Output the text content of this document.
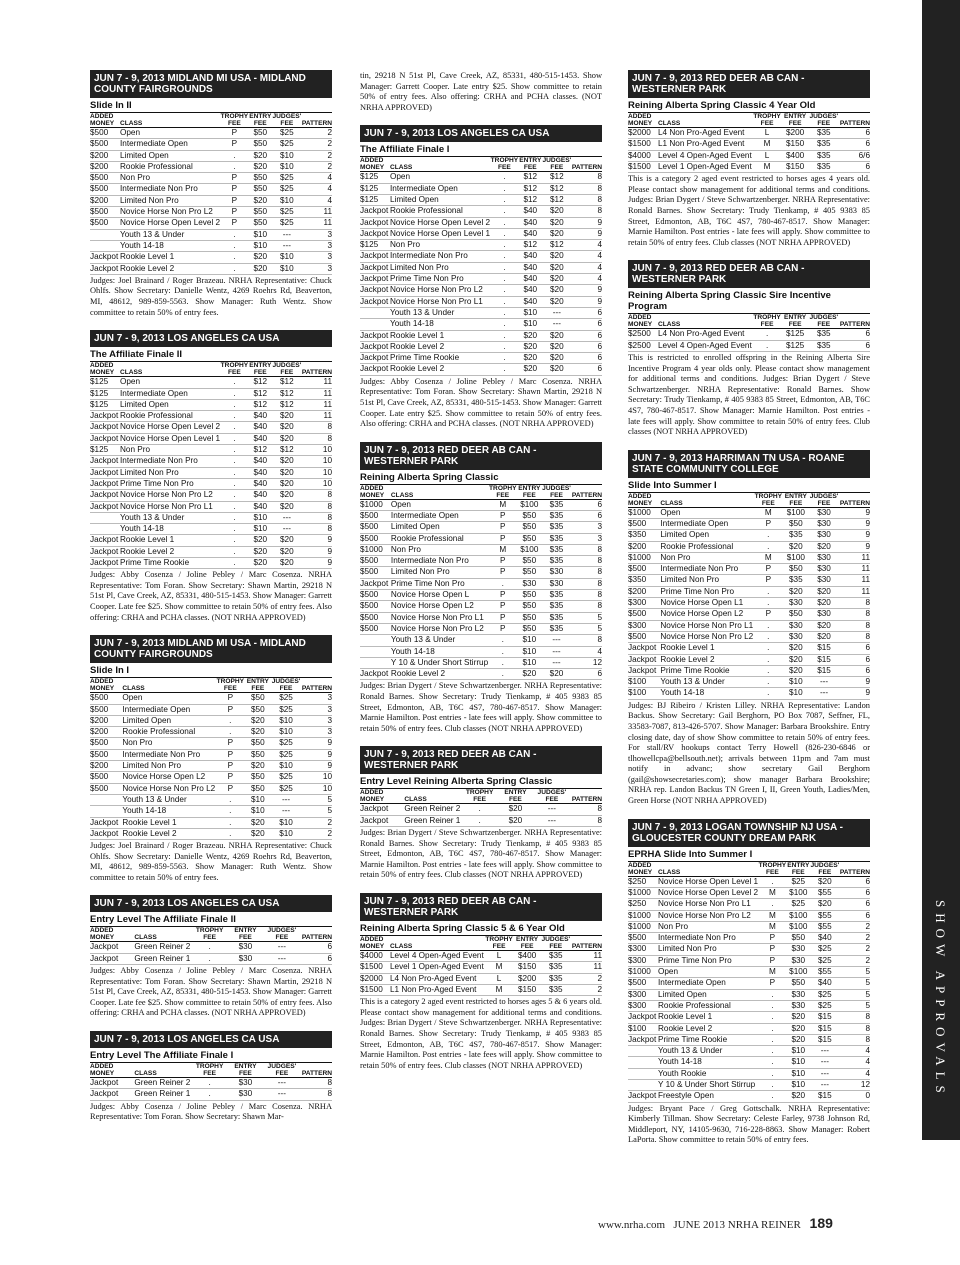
JUN 7 - 9, 2013 MIDLAND MI USA - MIDLAND COUNTY FAIRGROUNDS
Slide In II
ADDED MONEY	CLASS	TROPHY FEE	ENTRY FEE	JUDGES' FEE	PATTERN
$500	Open	P	$50	$25	2
$500	Intermediate Open	P	$50	$25	2
$200	Limited Open	.	$20	$10	2
$200	Rookie Professional	.	$20	$10	2
$500	Non Pro	P	$50	$25	4
$500	Intermediate Non Pro	P	$50	$25	4
$200	Limited Non Pro	P	$20	$10	4
$500	Novice Horse Non Pro L2	P	$50	$25	11
$500	Novice Horse Open Level 2	P	$50	$25	11
	Youth 13 & Under	.	$10	---	3
	Youth 14-18	.	$10	---	3
Jackpot	Rookie Level 1	.	$20	$10	3
Jackpot	Rookie Level 2	.	$20	$10	3
Judges: Joel Brainard / Roger Brazeau. NRHA Representative: Chuck Ohlfs. Show Secretary: Danielle Wentz, 4269 Roehrs Rd, Beaverton, MI, 48612, 989-859-5563. Show Manager: Ruth Wentz. Show committee to retain 50% of entry fees.
JUN 7 - 9, 2013 LOS ANGELES CA USA
The Affiliate Finale II
ADDED MONEY	CLASS	TROPHY FEE	ENTRY FEE	JUDGES' FEE	PATTERN
$125	Open	.	$12	$12	11
$125	Intermediate Open	.	$12	$12	11
$125	Limited Open	.	$12	$12	11
Jackpot	Rookie Professional	.	$40	$20	11
Jackpot	Novice Horse Open Level 2	.	$40	$20	8
Jackpot	Novice Horse Open Level 1	.	$40	$20	8
$125	Non Pro	.	$12	$12	10
Jackpot	Intermediate Non Pro	.	$40	$20	10
Jackpot	Limited Non Pro	.	$40	$20	10
Jackpot	Prime Time Non Pro	.	$40	$20	10
Jackpot	Novice Horse Non Pro L2	.	$40	$20	8
Jackpot	Novice Horse Non Pro L1	.	$40	$20	8
	Youth 13 & Under	.	$10	---	8
	Youth 14-18	.	$10	---	8
Jackpot	Rookie Level 1	.	$20	$20	9
Jackpot	Rookie Level 2	.	$20	$20	9
Jackpot	Prime Time Rookie	.	$20	$20	9
Judges: Abby Cosenza / Joline Pebley / Marc Cosenza. NRHA Representative: Tom Foran. Show Secretary: Shawn Martin, 29218 N 51st Pl, Cave Creek, AZ, 85331, 480-515-1453. Show Manager: Garrett Cooper. Late fee $25. Show committee to retain 50% of entry fees. Also offering: CRHA and PCHA classes. (NOT NRHA APPROVED)
JUN 7 - 9, 2013 MIDLAND MI USA - MIDLAND COUNTY FAIRGROUNDS
Slide In I
ADDED MONEY	CLASS	TROPHY FEE	ENTRY FEE	JUDGES' FEE	PATTERN
$500	Open	P	$50	$25	3
$500	Intermediate Open	P	$50	$25	3
$200	Limited Open	.	$20	$10	3
$200	Rookie Professional	.	$20	$10	3
$500	Non Pro	P	$50	$25	9
$500	Intermediate Non Pro	P	$50	$25	9
$200	Limited Non Pro	P	$20	$10	9
$500	Novice Horse Open L2	P	$50	$25	10
$500	Novice Horse Non Pro L2	P	$50	$25	10
	Youth 13 & Under	.	$10	---	5
	Youth 14-18	.	$10	---	5
Jackpot	Rookie Level 1	.	$20	$10	2
Jackpot	Rookie Level 2	.	$20	$10	2
Judges: Joel Brainard / Roger Brazeau. NRHA Representative: Chuck Ohlfs. Show Secretary: Danielle Wentz, 4269 Roehrs Rd, Beaverton, MI, 48612, 989-859-5563. Show Manager: Ruth Wentz. Show committee to retain 50% of entry fees.
JUN 7 - 9, 2013 LOS ANGELES CA USA
Entry Level The Affiliate Finale II
ADDED MONEY	CLASS	TROPHY FEE	ENTRY FEE	JUDGES' FEE	PATTERN
Jackpot	Green Reiner 2	.	$30	---	6
Jackpot	Green Reiner 1	.	$30	---	6
Judges: Abby Cosenza / Joline Pebley / Marc Cosenza. NRHA Representative: Tom Foran. Show Secretary: Shawn Martin, 29218 N 51st Pl, Cave Creek, AZ, 85331, 480-515-1453. Show Manager: Garrett Cooper. Late fee $25. Show committee to retain 50% of entry fees. Also offering: CRHA and PCHA classes. (NOT NRHA APPROVED)
JUN 7 - 9, 2013 LOS ANGELES CA USA
Entry Level The Affiliate Finale I
ADDED MONEY	CLASS	TROPHY FEE	ENTRY FEE	JUDGES' FEE	PATTERN
Jackpot	Green Reiner 2	.	$30	---	8
Jackpot	Green Reiner 1	.	$30	---	8
Judges: Abby Cosenza / Joline Pebley / Marc Cosenza. NRHA Representative: Tom Foran. Show Secretary: Shawn Mar-
tin, 29218 N 51st Pl, Cave Creek, AZ, 85331, 480-515-1453. Show Manager: Garrett Cooper. Late entry $25. Show committee to retain 50% of entry fees. Also offering: CRHA and PCHA classes. (NOT NRHA APPROVED)
JUN 7 - 9, 2013 LOS ANGELES CA USA
The Affiliate Finale I
ADDED MONEY	CLASS	TROPHY FEE	ENTRY FEE	JUDGES' FEE	PATTERN
$125	Open	.	$12	$12	8
$125	Intermediate Open	.	$12	$12	8
$125	Limited Open	.	$12	$12	8
Jackpot	Rookie Professional	.	$40	$20	8
Jackpot	Novice Horse Open Level 2	.	$40	$20	9
Jackpot	Novice Horse Open Level 1	.	$40	$20	9
$125	Non Pro	.	$12	$12	4
Jackpot	Intermediate Non Pro	.	$40	$20	4
Jackpot	Limited Non Pro	.	$40	$20	4
Jackpot	Prime Time Non Pro	.	$40	$20	4
Jackpot	Novice Horse Non Pro L2	.	$40	$20	9
Jackpot	Novice Horse Non Pro L1	.	$40	$20	9
	Youth 13 & Under	.	$10	---	6
	Youth 14-18	.	$10	---	6
Jackpot	Rookie Level 1	.	$20	$20	6
Jackpot	Rookie Level 2	.	$20	$20	6
Jackpot	Prime Time Rookie	.	$20	$20	6
Jackpot	Rookie Level 2	.	$20	$20	6
Judges: Abby Cosenza / Joline Pebley / Marc Cosenza. NRHA Representative: Tom Foran. Show Secretary: Shawn Martin, 29218 N 51st Pl, Cave Creek, AZ, 85331, 480-515-1453. Show Manager: Garrett Cooper. Late entry $25. Show committee to retain 50% of entry fees. Also offering: CRHA and PCHA classes. (NOT NRHA APPROVED)
JUN 7 - 9, 2013 RED DEER AB CAN - WESTERNER PARK
Reining Alberta Spring Classic
ADDED MONEY	CLASS	TROPHY FEE	ENTRY FEE	JUDGES' FEE	PATTERN
$1000	Open	M	$100	$35	6
$500	Intermediate Open	P	$50	$35	6
$500	Limited Open	P	$50	$35	3
$500	Rookie Professional	P	$50	$35	3
$1000	Non Pro	M	$100	$35	8
$500	Intermediate Non Pro	P	$50	$35	8
$500	Limited Non Pro	P	$50	$30	8
Jackpot	Prime Time Non Pro	.	$30	$30	8
$500	Novice Horse Open L	P	$50	$35	8
$500	Novice Horse Open L2	P	$50	$35	8
$500	Novice Horse Non Pro L1	P	$50	$35	5
$500	Novice Horse Non Pro L2	P	$50	$35	5
	Youth 13 & Under	.	$10	---	8
	Youth 14-18	.	$10	---	4
	Y 10 & Under Short Stirrup	.	$10	---	12
Jackpot	Rookie Level 2	.	$20	$20	6
Judges: Brian Dygert / Steve Schwartzenberger. NRHA Representative: Ronald Barnes. Show Secretary: Trudy Tienkamp, # 405 9383 85 Street, Edmonton, AB, T6C 4S7, 780-467-8517. Show Manager: Marnie Hamilton. Post entries - late fees will apply. Show committee to retain 50% of entry fees. Club classes (NOT NRHA APPROVED)
JUN 7 - 9, 2013 RED DEER AB CAN - WESTERNER PARK
Entry Level Reining Alberta Spring Classic
ADDED MONEY	CLASS	TROPHY FEE	ENTRY FEE	JUDGES' FEE	PATTERN
Jackpot	Green Reiner 2	.	$20	---	8
Jackpot	Green Reiner 1	.	$20	---	8
Judges: Brian Dygert / Steve Schwartzenberger. NRHA Representative: Ronald Barnes. Show Secretary: Trudy Tienkamp, # 405 9383 85 Street, Edmonton, AB, T6C 4S7, 780-467-8517. Show Manager: Marnie Hamilton. Post entries - late fees will apply. Show committee to retain 50% of entry fees. Club classes (NOT NRHA APPROVED)
JUN 7 - 9, 2013 RED DEER AB CAN - WESTERNER PARK
Reining Alberta Spring Classic 5 & 6 Year Old
ADDED MONEY	CLASS	TROPHY FEE	ENTRY FEE	JUDGES' FEE	PATTERN
$4000	Level 4 Open-Aged Event	L	$400	$35	11
$1500	Level 1 Open-Aged Event	M	$150	$35	11
$2000	L4 Non Pro-Aged Event	L	$200	$35	2
$1500	L1 Non Pro-Aged Event	M	$150	$35	2
This is a category 2 aged event restricted to horses ages 5 & 6 years old. Please contact show management for additional terms and conditions. Judges: Brian Dygert / Steve Schwartzenberger. NRHA Representative: Ronald Barnes. Show Secretary: Trudy Tienkamp, # 405 9383 85 Street, Edmonton, AB, T6C 4S7, 780-467-8517. Show Manager: Marnie Hamilton. Post entries - late fees will apply. Show committee to retain 50% of entry fees. Club classes (NOT NRHA APPROVED)
JUN 7 - 9, 2013 RED DEER AB CAN - WESTERNER PARK
Reining Alberta Spring Classic 4 Year Old
ADDED MONEY	CLASS	TROPHY FEE	ENTRY FEE	JUDGES' FEE	PATTERN
$2000	L4 Non Pro-Aged Event	L	$200	$35	6
$1500	L1 Non Pro-Aged Event	M	$150	$35	6
$4000	Level 4 Open-Aged Event	L	$400	$35	6/6
$1500	Level 1 Open-Aged Event	M	$150	$35	6
This is a category 2 aged event restricted to horses ages 4 years old. Please contact show management for additional terms and conditions. Judges: Brian Dygert / Steve Schwartzenberger. NRHA Representative: Ronald Barnes. Show Secretary: Trudy Tienkamp, # 405 9383 85 Street, Edmonton, AB, T6C 4S7, 780-467-8517. Show Manager: Marnie Hamilton. Post entries - late fees will apply. Show committee to retain 50% of entry fees. Club classes (NOT NRHA APPROVED)
JUN 7 - 9, 2013 RED DEER AB CAN - WESTERNER PARK
Reining Alberta Spring Classic Sire Incentive Program
ADDED MONEY	CLASS	TROPHY FEE	ENTRY FEE	JUDGES' FEE	PATTERN
$2500	L4 Non Pro-Aged Event	.	$125	$35	6
$2500	Level 4 Open-Aged Event	.	$125	$35	6
This is restricted to enrolled offspring in the Reining Alberta Sire Incentive Program 4 year olds only. Please contact show management for additional terms and conditions. Judges: Brian Dygert / Steve Schwartzenberger. NRHA Representative: Ronald Barnes. Show Secretary: Trudy Tienkamp, # 405 9383 85 Street, Edmonton, AB, T6C 4S7, 780-467-8517. Show Manager: Marnie Hamilton. Post entries - late fees will apply. Show committee to retain 50% of entry fees. Club classes (NOT NRHA APPROVED)
JUN 7 - 9, 2013 HARRIMAN TN USA - ROANE STATE COMMUNITY COLLEGE
Slide Into Summer I
ADDED MONEY	CLASS	TROPHY FEE	ENTRY FEE	JUDGES' FEE	PATTERN
$1000	Open	M	$100	$30	9
$500	Intermediate Open	P	$50	$30	9
$350	Limited Open	.	$35	$30	9
$200	Rookie Professional	.	$20	$20	9
$1000	Non Pro	M	$100	$30	11
$500	Intermediate Non Pro	P	$50	$30	11
$350	Limited Non Pro	P	$35	$30	11
$200	Prime Time Non Pro	.	$20	$20	11
$300	Novice Horse Open L1	.	$30	$20	8
$500	Novice Horse Open L2	P	$50	$30	8
$300	Novice Horse Non Pro L1	.	$30	$20	8
$500	Novice Horse Non Pro L2	.	$30	$20	8
Jackpot	Rookie Level 1	.	$20	$15	6
Jackpot	Rookie Level 2	.	$20	$15	6
Jackpot	Prime Time Rookie	.	$20	$15	6
$100	Youth 13 & Under	.	$10	---	9
$100	Youth 14-18	.	$10	---	9
Judges: BJ Ribeiro / Kristen Lilley. NRHA Representative: Landon Backus. Show Secretary: Gail Berghorn, PO Box 7087, Seffner, FL, 33583-7087, 813-426-5707. Show Manager: Barbara Brookshire. Entry closing date, day of show Show committee to retain 50% of entry fees. For stall/RV hookups contact Terry Howell (826-230-6846 or tlhowellcpa@bellsouth.net); arrivals between 11pm and 7am must notify in advanc; show secretary Gail Berghorn (gail@showsecretaries.com); show manager Barbara Brookshire; NRHA rep. Landon Backus TN Green I, II, Green Youth, Ladies/Men, Green Horse (NOT NRHA APPROVED)
JUN 7 - 9, 2013 LOGAN TOWNSHIP NJ USA - GLOUCESTER COUNTY DREAM PARK
EPRHA Slide Into Summer I
ADDED MONEY	CLASS	TROPHY FEE	ENTRY FEE	JUDGES' FEE	PATTERN
$250	Novice Horse Open Level 1	.	$25	$20	6
$1000	Novice Horse Open Level 2	M	$100	$55	6
$250	Novice Horse Non Pro L1	.	$25	$20	6
$1000	Novice Horse Non Pro L2	M	$100	$55	6
$1000	Non Pro	M	$100	$55	2
$500	Intermediate Non Pro	P	$50	$40	2
$300	Limited Non Pro	P	$30	$25	2
$300	Prime Time Non Pro	P	$30	$25	2
$1000	Open	M	$100	$55	5
$500	Intermediate Open	P	$50	$40	5
$300	Limited Open	.	$30	$25	5
$300	Rookie Professional	.	$30	$25	5
Jackpot	Rookie Level 1	.	$20	$15	8
$100	Rookie Level 2	.	$20	$15	8
Jackpot	Prime Time Rookie	.	$20	$15	8
	Youth 13 & Under	.	$10	---	4
	Youth 14-18	.	$10	---	4
	Youth Rookie	.	$10	---	4
	Y 10 & Under Short Stirrup	.	$10	---	12
Jackpot	Freestyle Open	.	$20	$15	0
Judges: Bryant Pace / Greg Gottschalk. NRHA Representative: Kimberly Tillman. Show Secretary: Celeste Farley, 9738 Johnson Rd, Middleport, NY, 14105-9630, 716-228-8863. Show Manager: Robert LaPorta. Show committee to retain 50% of entry fees.
SHOW APPROVALS
www.nrha.com JUNE 2013 NRHA REINER 189
